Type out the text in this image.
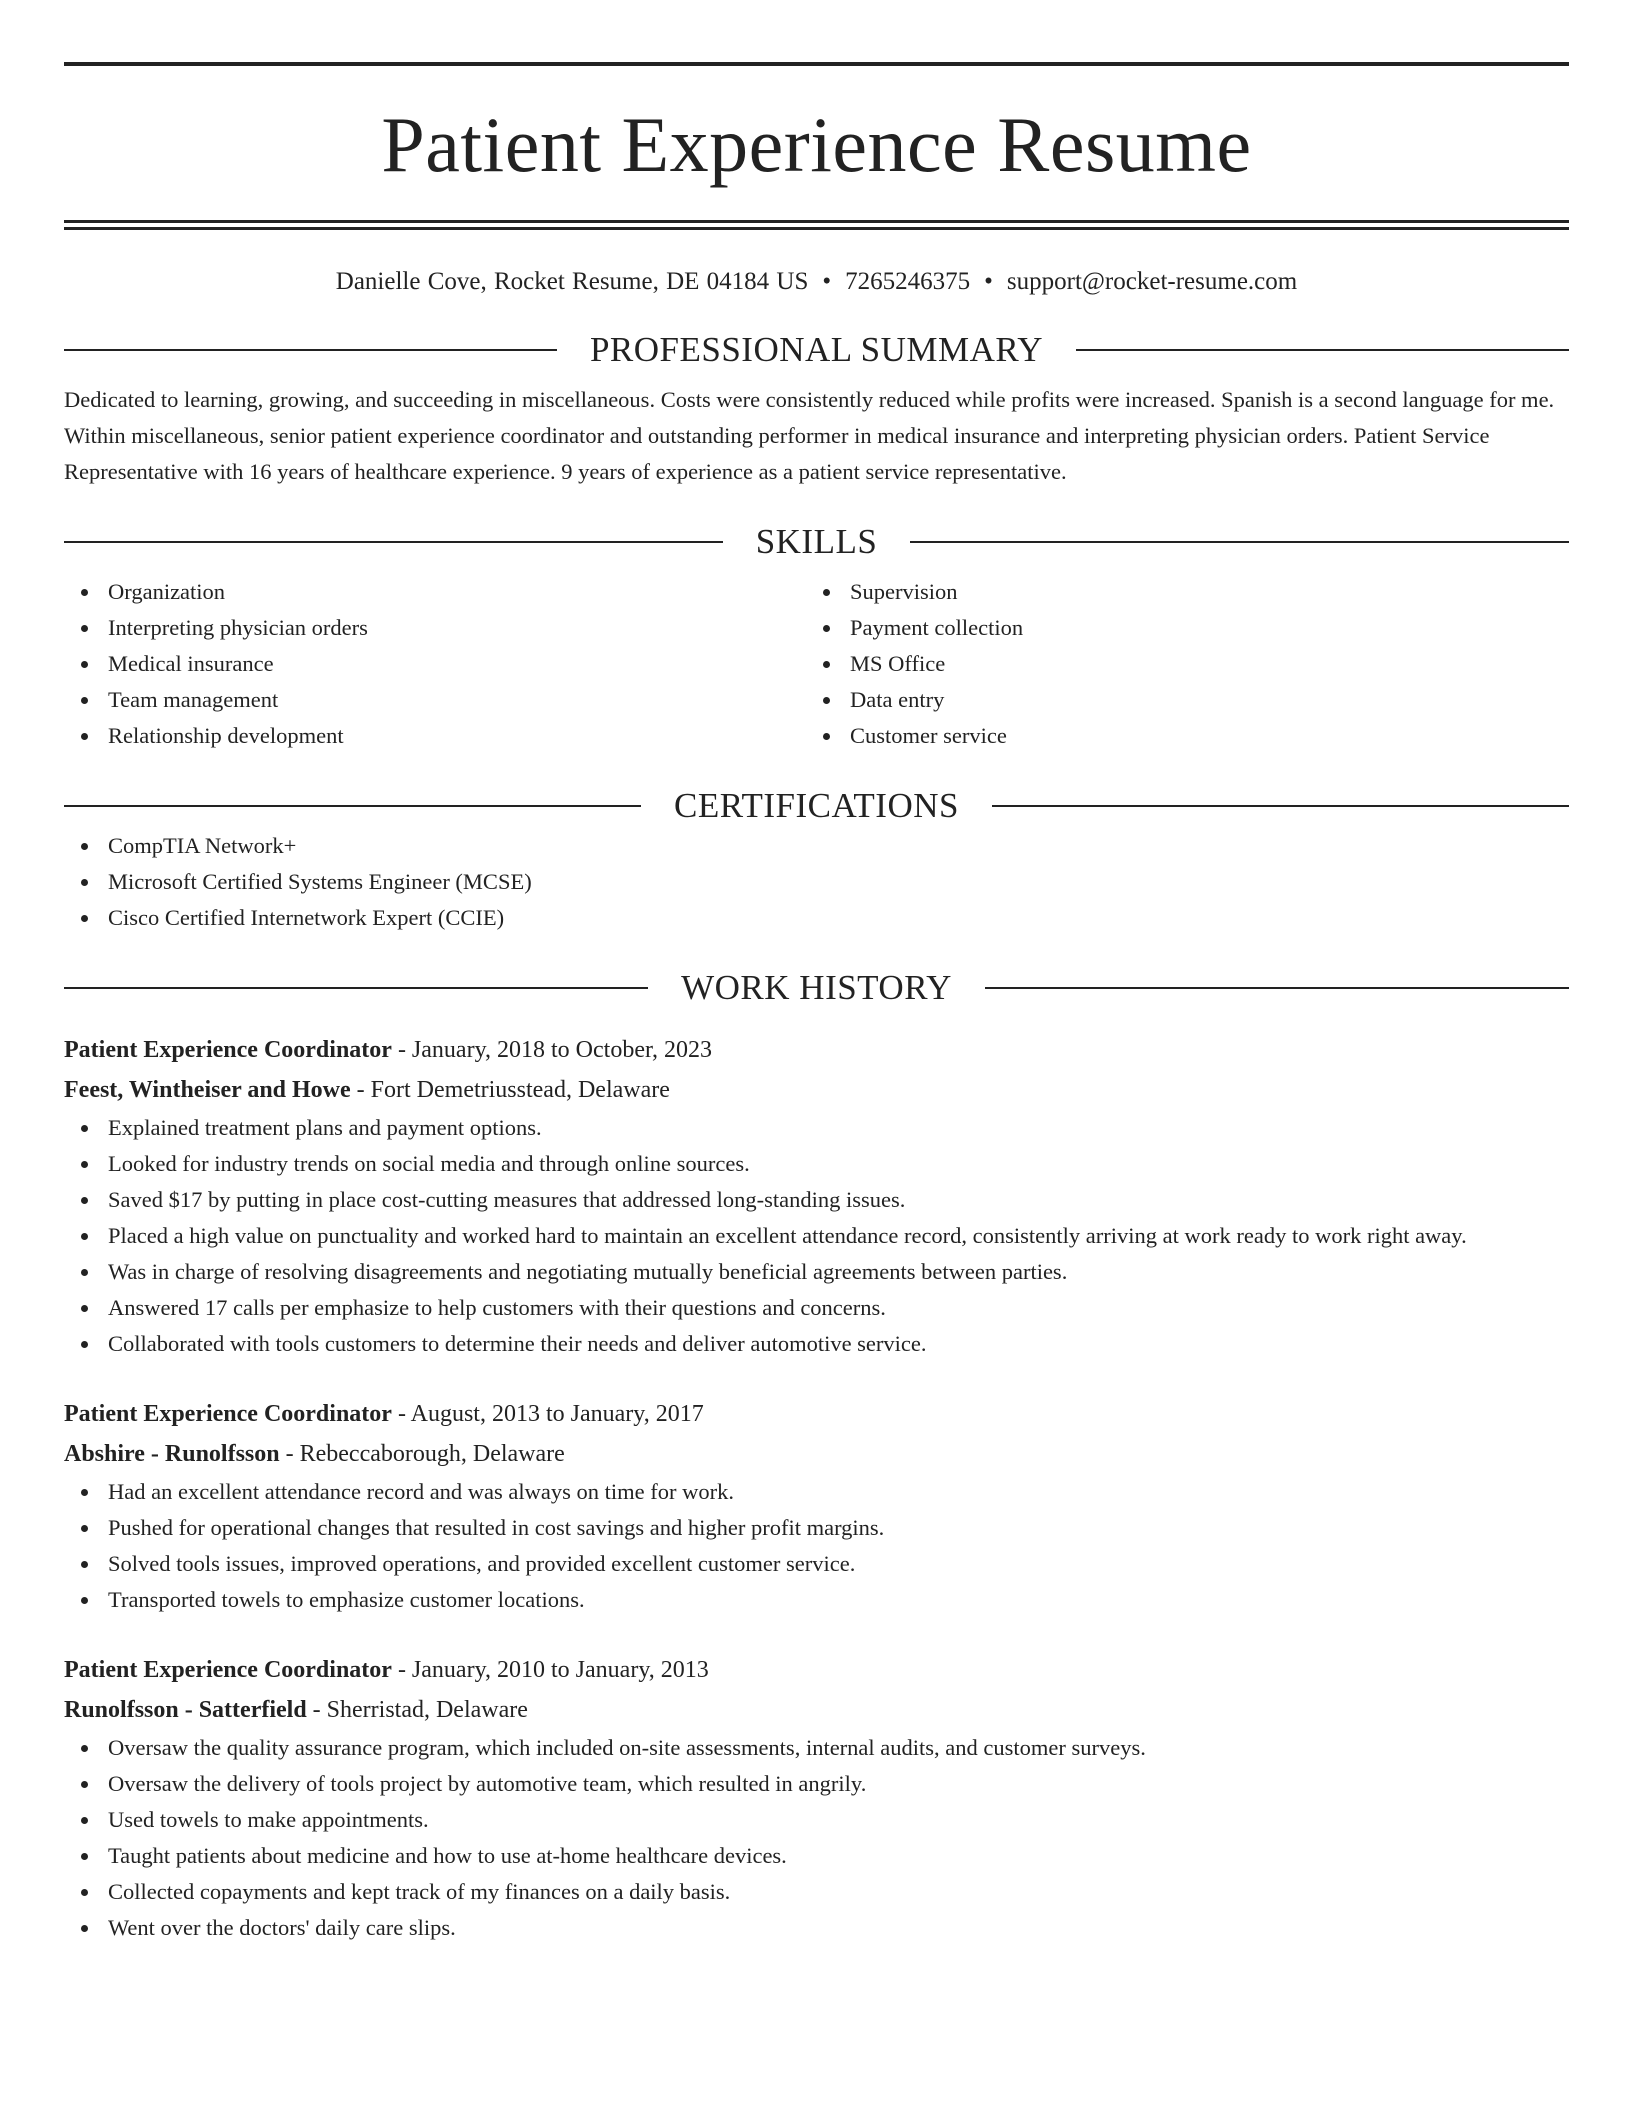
Patient Experience Resume
Danielle Cove, Rocket Resume, DE 04184 US • 7265246375 • support@rocket-resume.com
PROFESSIONAL SUMMARY
Dedicated to learning, growing, and succeeding in miscellaneous. Costs were consistently reduced while profits were increased. Spanish is a second language for me. Within miscellaneous, senior patient experience coordinator and outstanding performer in medical insurance and interpreting physician orders. Patient Service Representative with 16 years of healthcare experience. 9 years of experience as a patient service representative.
SKILLS
Organization
Interpreting physician orders
Medical insurance
Team management
Relationship development
Supervision
Payment collection
MS Office
Data entry
Customer service
CERTIFICATIONS
CompTIA Network+
Microsoft Certified Systems Engineer (MCSE)
Cisco Certified Internetwork Expert (CCIE)
WORK HISTORY
Patient Experience Coordinator - January, 2018 to October, 2023
Feest, Wintheiser and Howe - Fort Demetriusstead, Delaware
Explained treatment plans and payment options.
Looked for industry trends on social media and through online sources.
Saved $17 by putting in place cost-cutting measures that addressed long-standing issues.
Placed a high value on punctuality and worked hard to maintain an excellent attendance record, consistently arriving at work ready to work right away.
Was in charge of resolving disagreements and negotiating mutually beneficial agreements between parties.
Answered 17 calls per emphasize to help customers with their questions and concerns.
Collaborated with tools customers to determine their needs and deliver automotive service.
Patient Experience Coordinator - August, 2013 to January, 2017
Abshire - Runolfsson - Rebeccaborough, Delaware
Had an excellent attendance record and was always on time for work.
Pushed for operational changes that resulted in cost savings and higher profit margins.
Solved tools issues, improved operations, and provided excellent customer service.
Transported towels to emphasize customer locations.
Patient Experience Coordinator - January, 2010 to January, 2013
Runolfsson - Satterfield - Sherristad, Delaware
Oversaw the quality assurance program, which included on-site assessments, internal audits, and customer surveys.
Oversaw the delivery of tools project by automotive team, which resulted in angrily.
Used towels to make appointments.
Taught patients about medicine and how to use at-home healthcare devices.
Collected copayments and kept track of my finances on a daily basis.
Went over the doctors' daily care slips.
